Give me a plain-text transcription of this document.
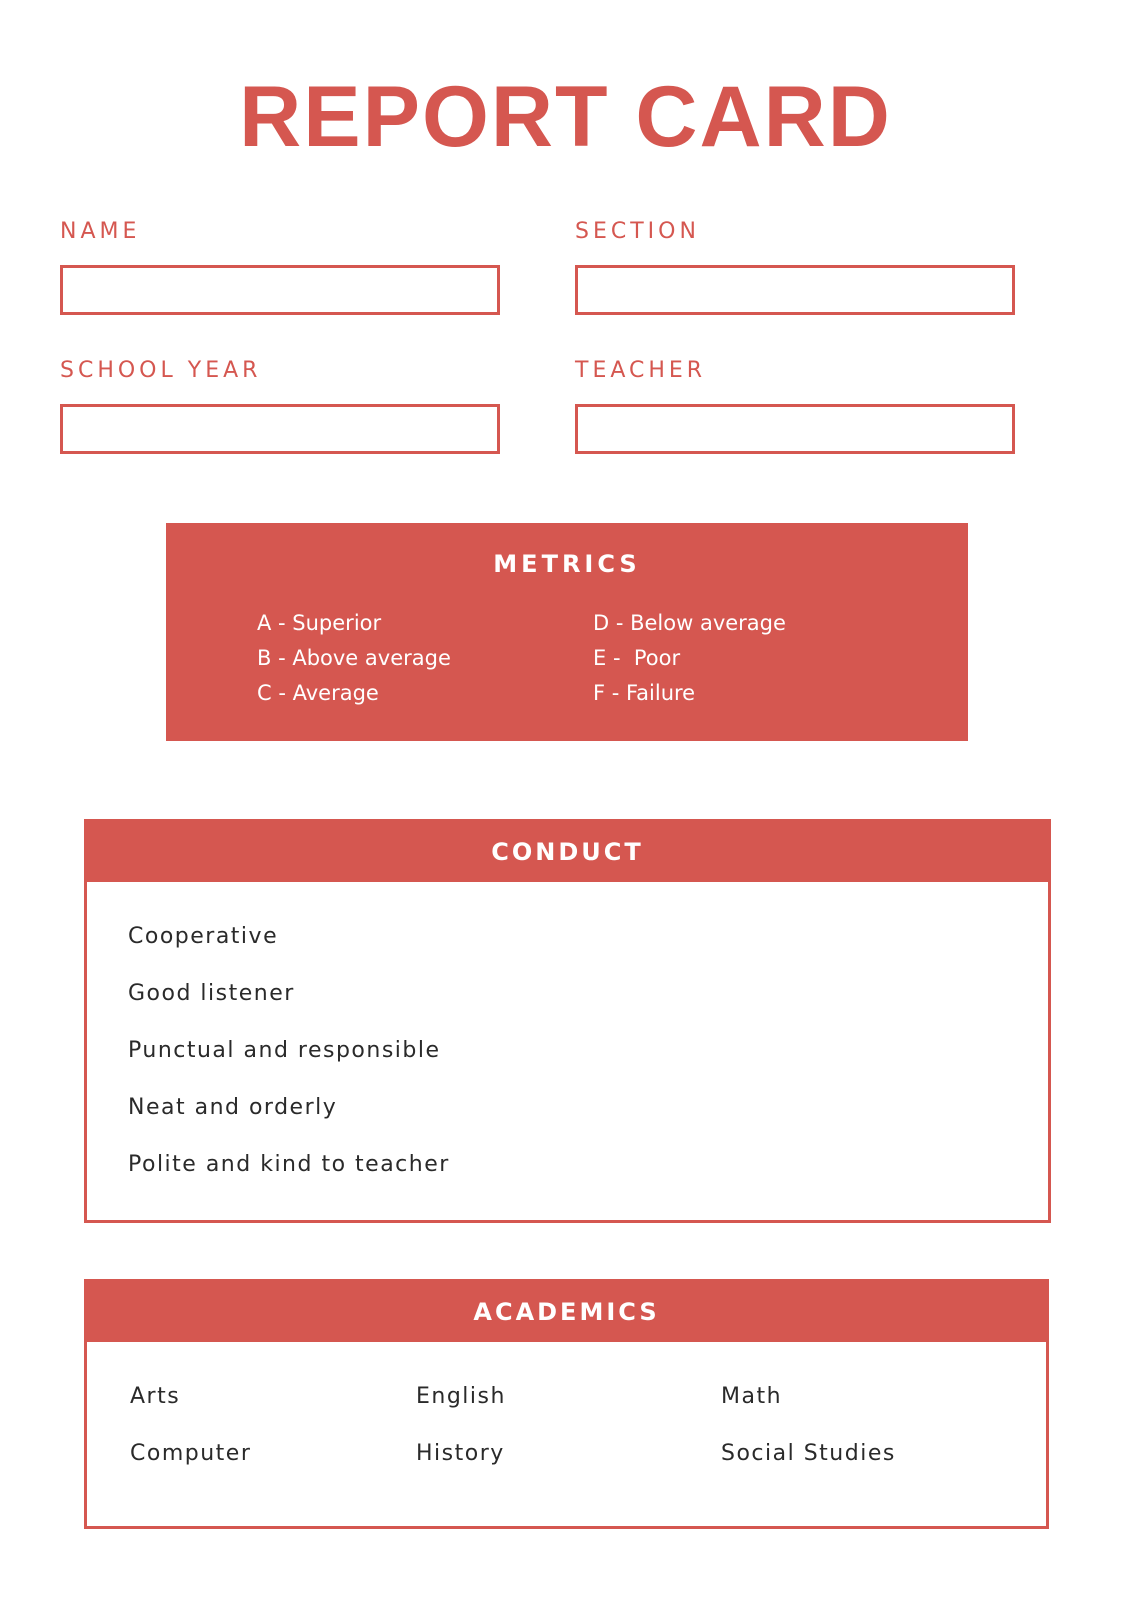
REPORT CARD
NAME	SECTION
SCHOOL YEAR	TEACHER
METRICS
A - Superior
B - Above average
C - Average
D - Below average
E -  Poor
F - Failure
CONDUCT
Cooperative
Good listener
Punctual and responsible
Neat and orderly
Polite and kind to teacher
ACADEMICS
Arts	English	Math
Computer	History	Social Studies
